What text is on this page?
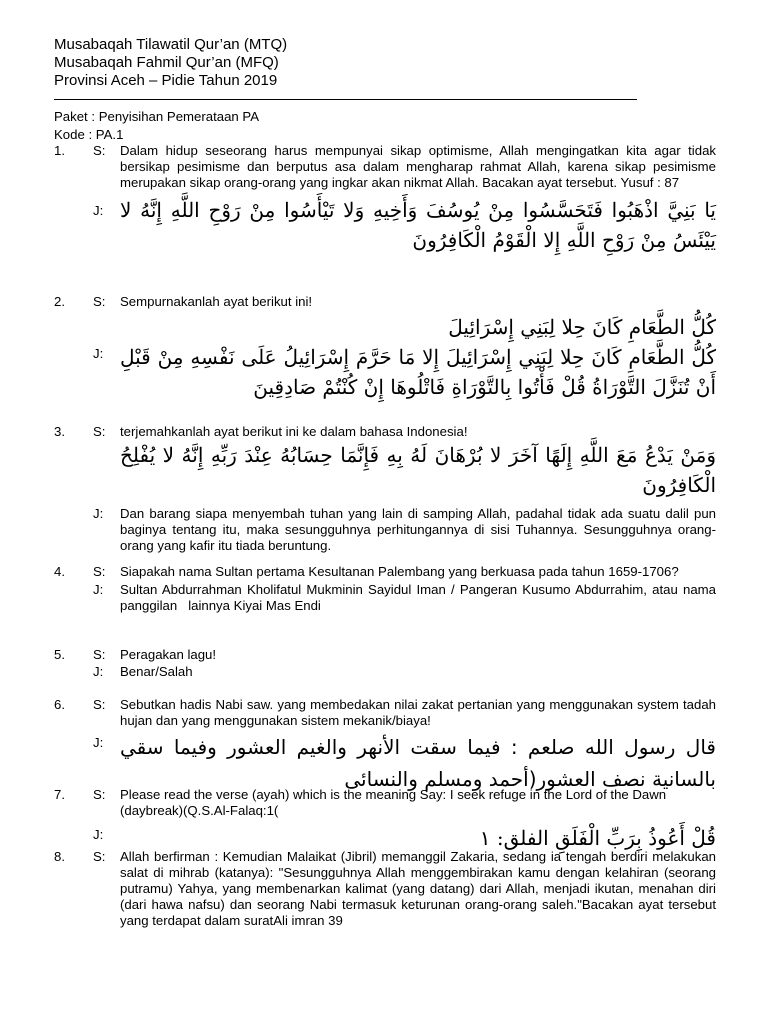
Musabaqah Tilawatil Qur’an (MTQ)
Musabaqah Fahmil Qur’an (MFQ)
Provinsi Aceh – Pidie Tahun 2019
Paket : Penyisihan Pemerataan PA
Kode : PA.1
1. S: Dalam hidup seseorang harus mempunyai sikap optimisme, Allah mengingatkan kita agar tidak bersikap pesimisme dan berputus asa dalam mengharap rahmat Allah, karena sikap pesimisme merupakan sikap orang-orang yang ingkar akan nikmat Allah. Bacakan ayat tersebut. Yusuf : 87
J: يَا بَنِيَّ اذْهَبُوا فَتَحَسَّسُوا مِنْ يُوسُفَ وَأَخِيهِ وَلا تَيْأَسُوا مِنْ رَوْحِ اللَّهِ إِنَّهُ لا يَيْئَسُ مِنْ رَوْحِ اللَّهِ إِلا الْقَوْمُ الْكَافِرُونَ
2. S: Sempurnakanlah ayat berikut ini!
كُلُّ الطَّعَامِ كَانَ حِلا لِبَنِي إِسْرَائِيلَ
J: كُلُّ الطَّعَامِ كَانَ حِلا لِبَنِي إِسْرَائِيلَ إِلا مَا حَرَّمَ إِسْرَائِيلُ عَلَى نَفْسِهِ مِنْ قَبْلِ أَنْ تُنَزَّلَ التَّوْرَاةُ قُلْ فَأْتُوا بِالتَّوْرَاةِ فَاتْلُوهَا إِنْ كُنْتُمْ صَادِقِينَ
3. S: terjemahkanlah ayat berikut ini ke dalam bahasa Indonesia!
وَمَنْ يَدْعُ مَعَ اللَّهِ إِلَهًا آخَرَ لا بُرْهَانَ لَهُ بِهِ فَإِنَّمَا حِسَابُهُ عِنْدَ رَبِّهِ إِنَّهُ لا يُفْلِحُ الْكَافِرُونَ
J: Dan barang siapa menyembah tuhan yang lain di samping Allah, padahal tidak ada suatu dalil pun baginya tentang itu, maka sesungguhnya perhitungannya di sisi Tuhannya. Sesungguhnya orang-orang yang kafir itu tiada beruntung.
4. S: Siapakah nama Sultan pertama Kesultanan Palembang yang berkuasa pada tahun 1659-1706?
J: Sultan Abdurrahman Kholifatul Mukminin Sayidul Iman / Pangeran Kusumo Abdurrahim, atau nama panggilan   lainnya Kiyai Mas Endi
5. S: Peragakan lagu!
J: Benar/Salah
6. S: Sebutkan hadis Nabi saw. yang membedakan nilai zakat pertanian yang menggunakan system tadah hujan dan yang menggunakan sistem mekanik/biaya!
J: قال رسول الله صلعم : فيما سقت الأنهر والغيم العشور وفيما سقي بالسانية نصف العشور(أحمد ومسلم والنسائى
7. S: Please read the verse (ayah) which is the meaning Say: I seek refuge in the Lord of the Dawn (daybreak)(Q.S.Al-Falaq:1(
J:	قُلْ أَعُوذُ بِرَبِّ الْفَلَقِ الفلق: ١
8. S: Allah berfirman : Kemudian Malaikat (Jibril) memanggil Zakaria, sedang ia tengah berdiri melakukan salat di mihrab (katanya): "Sesungguhnya Allah menggembirakan kamu dengan kelahiran (seorang putramu) Yahya, yang membenarkan kalimat (yang datang) dari Allah, menjadi ikutan, menahan diri (dari hawa nafsu) dan seorang Nabi termasuk keturunan orang-orang saleh."Bacakan ayat tersebut yang terdapat dalam suratAli imran 39
